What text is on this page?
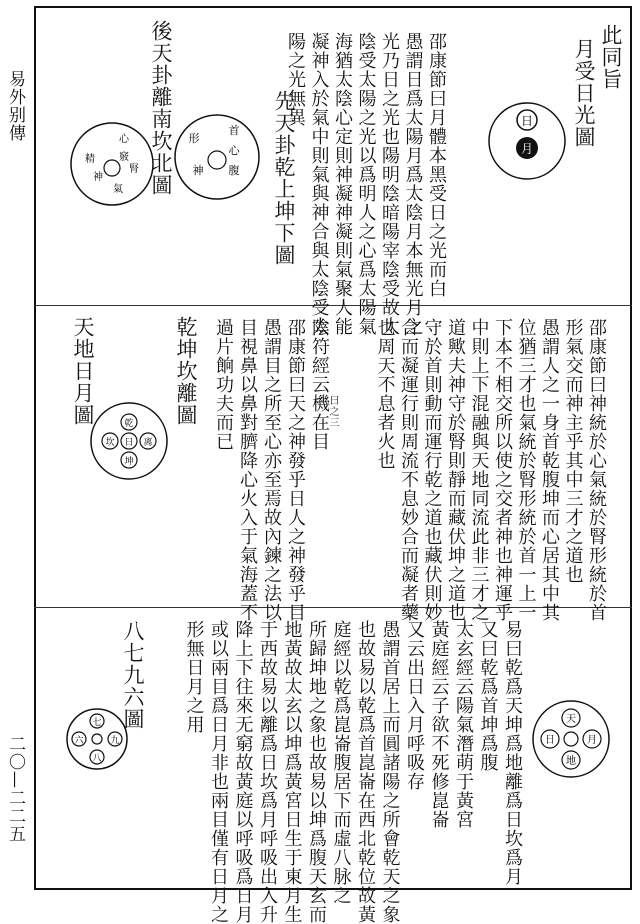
易外别傳
二〇—二二五
此同旨
月受日光圖
日
月
邵康節曰月體本黑受日之光而白
愚謂日爲太陽月爲太陰月本無光月之
光乃日之光也陽明陰暗陽宰陰受故太
陰受太陽之光以爲明人之心爲太陽氣
海猶太陰心定則神凝神凝則氣聚人能
凝神入於氣中則氣與神合與太陰受太
陽之光無異
先天卦乾上坤下圖
後天卦離南坎北圖	首
心
腹
形
神
心
竅
精
腎
神
氣
邵康節曰神統於心氣統於腎形統於首
形氣交而神主乎其中三才之道也
愚謂人之一身首乾腹坤而心居其中其
位猶三才也氣統於腎形統於首一上一
下本不相交所以使之交者神也神運乎
中則上下混融與天地同流此非三才之
道歟夫神守於腎則靜而藏伏坤之道也
守於首則動而運行乾之道也藏伏則妙
合而凝運行則周流不息妙合而凝者藥
也周天不息者火也
陰符經云機在目
邵康節曰天之神發乎日人之神發乎目
愚謂目之所至心亦至焉故內鍊之法以
目視鼻以鼻對臍降心火入于氣海蓋不
過片餉功夫而已	曰之三
乾坤坎離圖
天地日月圖	乾
坎 日 离
坤
易曰乾爲天坤爲地離爲日坎爲月
又曰乾爲首坤爲腹
太玄經云陽氣潛萌于黃宮
黃庭經云子欲不死修崑崙
又云出日入月呼吸存
愚謂首居上而圓諸陽之所會乾天之象
也故易以乾爲首崑崙在西北乾位故黃
庭經以乾爲崑崙腹居下而虛八脉之
所歸坤地之象也故易以坤爲腹天玄而
地黃故太玄以坤爲黃宮日生于東月生
于西故易以離爲日坎爲月呼吸出入升
降上下往來无窮故黃庭以呼吸爲日月
或以兩目爲日月非也兩目僅有日月之
形無日月之用
八七九六圖	天
月
地
日
七
九
八
六
